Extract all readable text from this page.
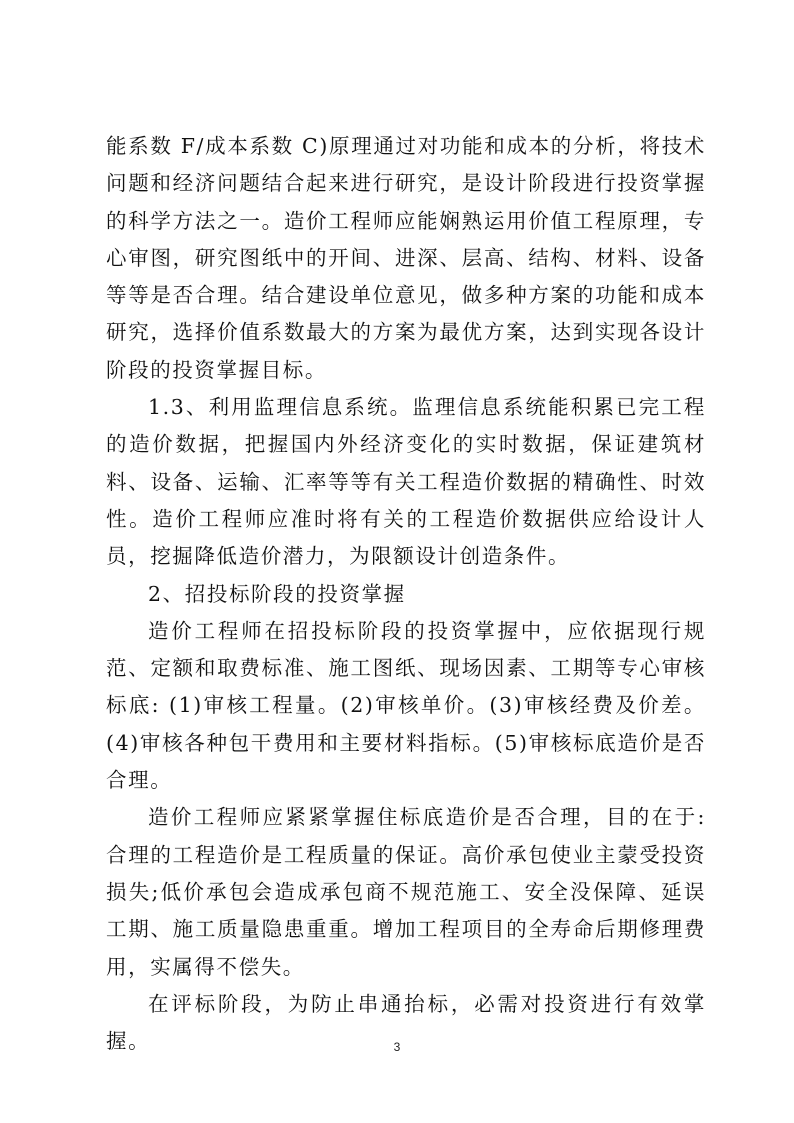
能系数 F/成本系数 C)原理通过对功能和成本的分析，将技术问题和经济问题结合起来进行研究，是设计阶段进行投资掌握的科学方法之一。造价工程师应能娴熟运用价值工程原理，专心审图，研究图纸中的开间、进深、层高、结构、材料、设备等等是否合理。结合建设单位意见，做多种方案的功能和成本研究，选择价值系数最大的方案为最优方案，达到实现各设计阶段的投资掌握目标。

1.3、利用监理信息系统。监理信息系统能积累已完工程的造价数据，把握国内外经济变化的实时数据，保证建筑材料、设备、运输、汇率等等有关工程造价数据的精确性、时效性。造价工程师应准时将有关的工程造价数据供应给设计人员，挖掘降低造价潜力，为限额设计创造条件。

2、招投标阶段的投资掌握

造价工程师在招投标阶段的投资掌握中，应依据现行规范、定额和取费标准、施工图纸、现场因素、工期等专心审核标底: (1)审核工程量。(2)审核单价。(3)审核经费及价差。(4)审核各种包干费用和主要材料指标。(5)审核标底造价是否合理。

造价工程师应紧紧掌握住标底造价是否合理，目的在于: 合理的工程造价是工程质量的保证。高价承包使业主蒙受投资损失;低价承包会造成承包商不规范施工、安全没保障、延误工期、施工质量隐患重重。增加工程项目的全寿命后期修理费用，实属得不偿失。

在评标阶段，为防止串通抬标，必需对投资进行有效掌握。	3
